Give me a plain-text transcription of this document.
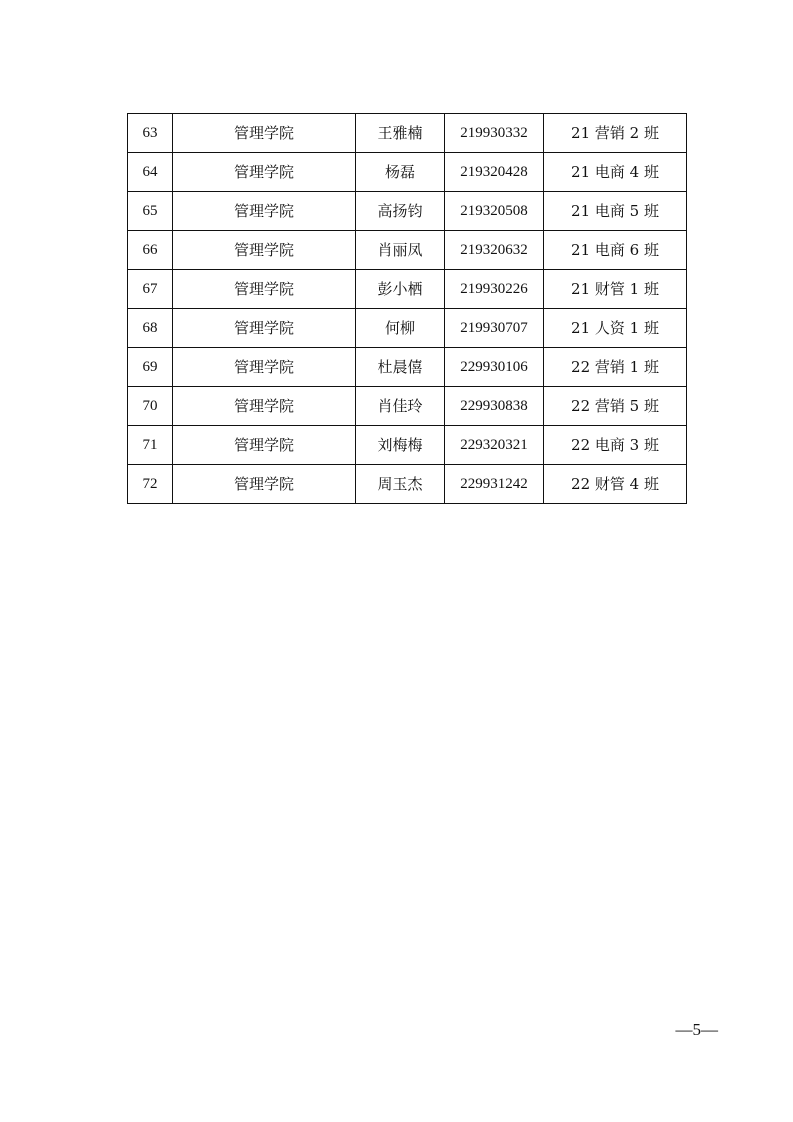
63	管理学院	王雅楠	219930332	21 营销 2 班
64	管理学院	杨磊	219320428	21 电商 4 班
65	管理学院	高扬钧	219320508	21 电商 5 班
66	管理学院	肖丽凤	219320632	21 电商 6 班
67	管理学院	彭小栖	219930226	21 财管 1 班
68	管理学院	何柳	219930707	21 人资 1 班
69	管理学院	杜晨僖	229930106	22 营销 1 班
70	管理学院	肖佳玲	229930838	22 营销 5 班
71	管理学院	刘梅梅	229320321	22 电商 3 班
72	管理学院	周玉杰	229931242	22 财管 4 班
—5—
